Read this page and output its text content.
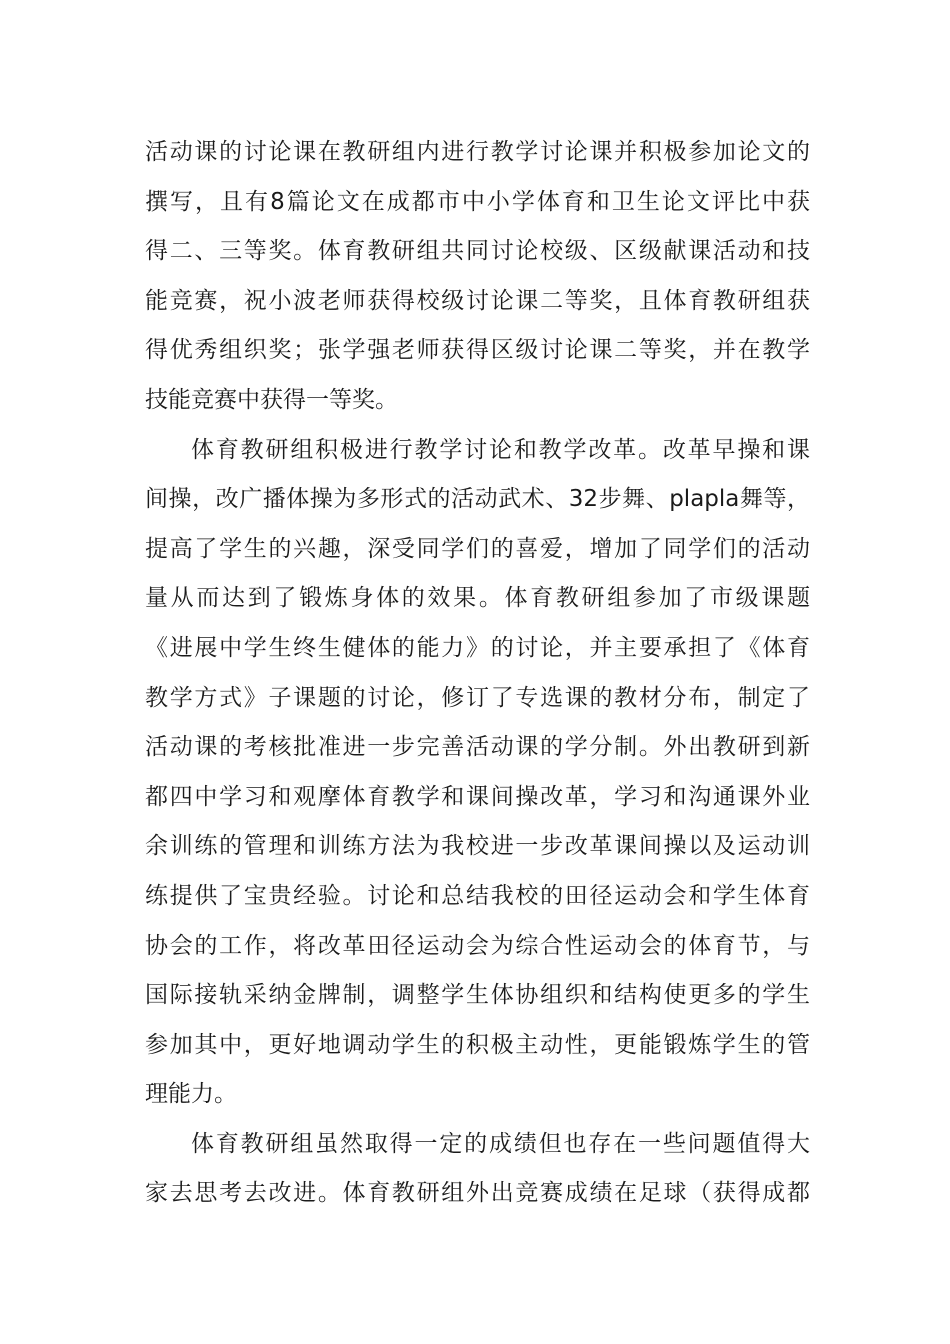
活动课的讨论课在教研组内进行教学讨论课并积极参加论文的
撰写，且有8篇论文在成都市中小学体育和卫生论文评比中获
得二、三等奖。体育教研组共同讨论校级、区级献课活动和技
能竞赛，祝小波老师获得校级讨论课二等奖，且体育教研组获
得优秀组织奖；张学强老师获得区级讨论课二等奖，并在教学
技能竞赛中获得一等奖。
体育教研组积极进行教学讨论和教学改革。改革早操和课
间操，改广播体操为多形式的活动武术、32步舞、plapla舞等，
提高了学生的兴趣，深受同学们的喜爱，增加了同学们的活动
量从而达到了锻炼身体的效果。体育教研组参加了市级课题
《进展中学生终生健体的能力》的讨论，并主要承担了《体育
教学方式》子课题的讨论，修订了专选课的教材分布，制定了
活动课的考核批准进一步完善活动课的学分制。外出教研到新
都四中学习和观摩体育教学和课间操改革，学习和沟通课外业
余训练的管理和训练方法为我校进一步改革课间操以及运动训
练提供了宝贵经验。讨论和总结我校的田径运动会和学生体育
协会的工作，将改革田径运动会为综合性运动会的体育节，与
国际接轨采纳金牌制，调整学生体协组织和结构使更多的学生
参加其中，更好地调动学生的积极主动性，更能锻炼学生的管
理能力。
体育教研组虽然取得一定的成绩但也存在一些问题值得大
家去思考去改进。体育教研组外出竞赛成绩在足球（获得成都
